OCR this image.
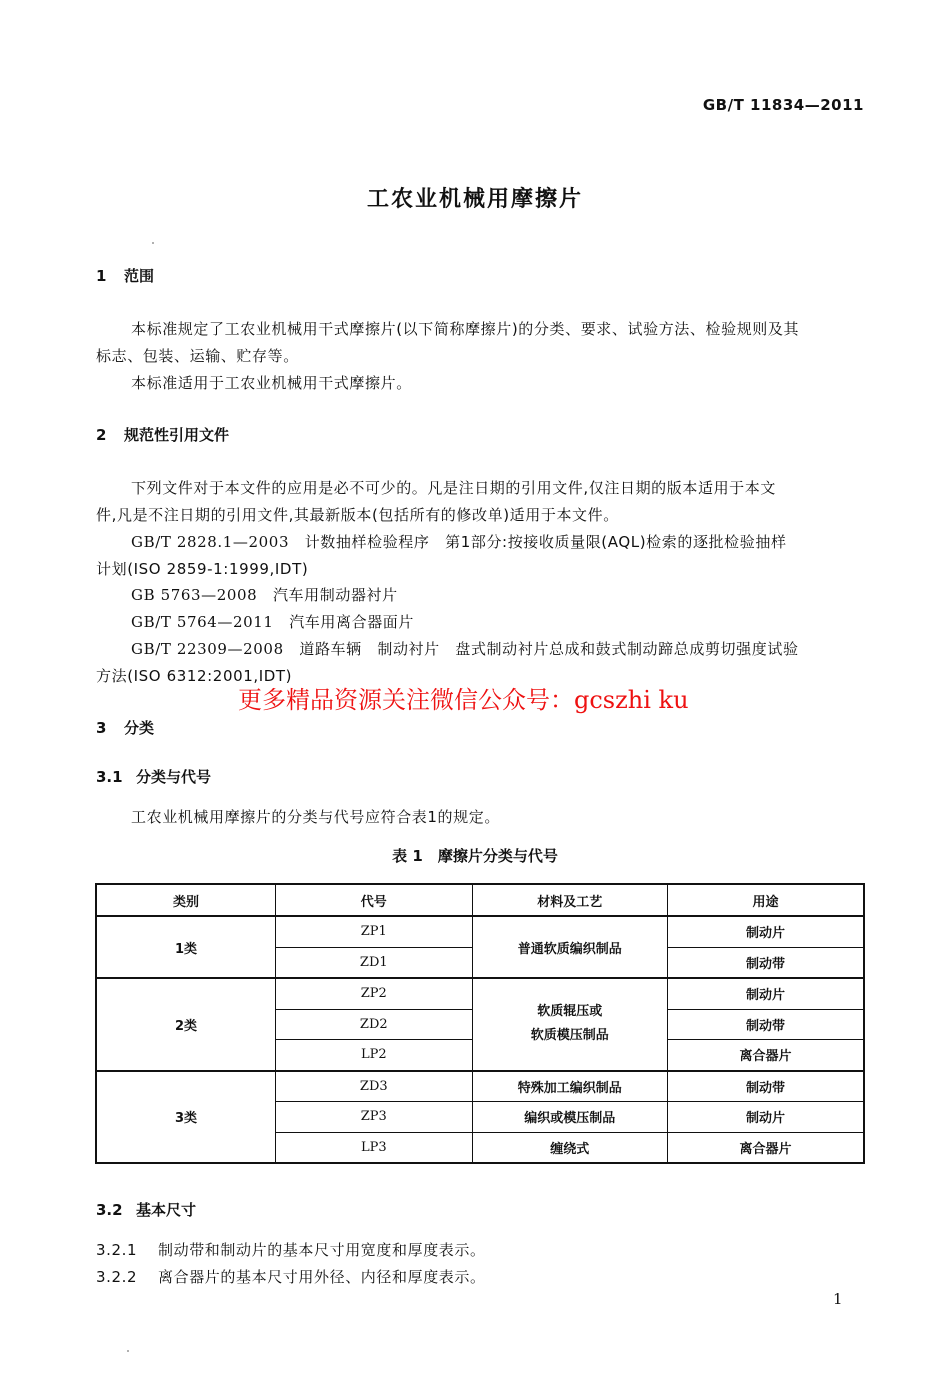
GB/T 11834—2011
工农业机械用摩擦片
1 范围
本标准规定了工农业机械用干式摩擦片(以下简称摩擦片)的分类、要求、试验方法、检验规则及其
标志、包装、运输、贮存等。
本标准适用于工农业机械用干式摩擦片。
2 规范性引用文件
下列文件对于本文件的应用是必不可少的。凡是注日期的引用文件,仅注日期的版本适用于本文
件,凡是不注日期的引用文件,其最新版本(包括所有的修改单)适用于本文件。
GB/T 2828.1—2003　 计数抽样检验程序　第1部分:按接收质量限(AQL)检索的逐批检验抽样
计划(ISO 2859-1:1999,IDT)
GB 5763—2008　 汽车用制动器衬片
GB/T 5764—2011　 汽车用离合器面片
GB/T 22309—2008　 道路车辆　制动衬片　盘式制动衬片总成和鼓式制动蹄总成剪切强度试验
方法(ISO 6312:2001,IDT)
更多精品资源关注微信公众号：gcszhi ku
3 分类
3.1 分类与代号
工农业机械用摩擦片的分类与代号应符合表1的规定。
表 1　摩擦片分类与代号
类别	代号	材料及工艺	用途
1类	ZP1	普通软质编织制品	制动片
	ZD1		制动带
2类	ZP2	软质辊压或
软质模压制品	制动片
	ZD2		制动带
	LP2		离合器片
3类	ZD3	特殊加工编织制品	制动带
	ZP3	编织或模压制品	制动片
	LP3	缠绕式	离合器片
3.2 基本尺寸
3.2.1 制动带和制动片的基本尺寸用宽度和厚度表示。
3.2.2 离合器片的基本尺寸用外径、内径和厚度表示。
1
